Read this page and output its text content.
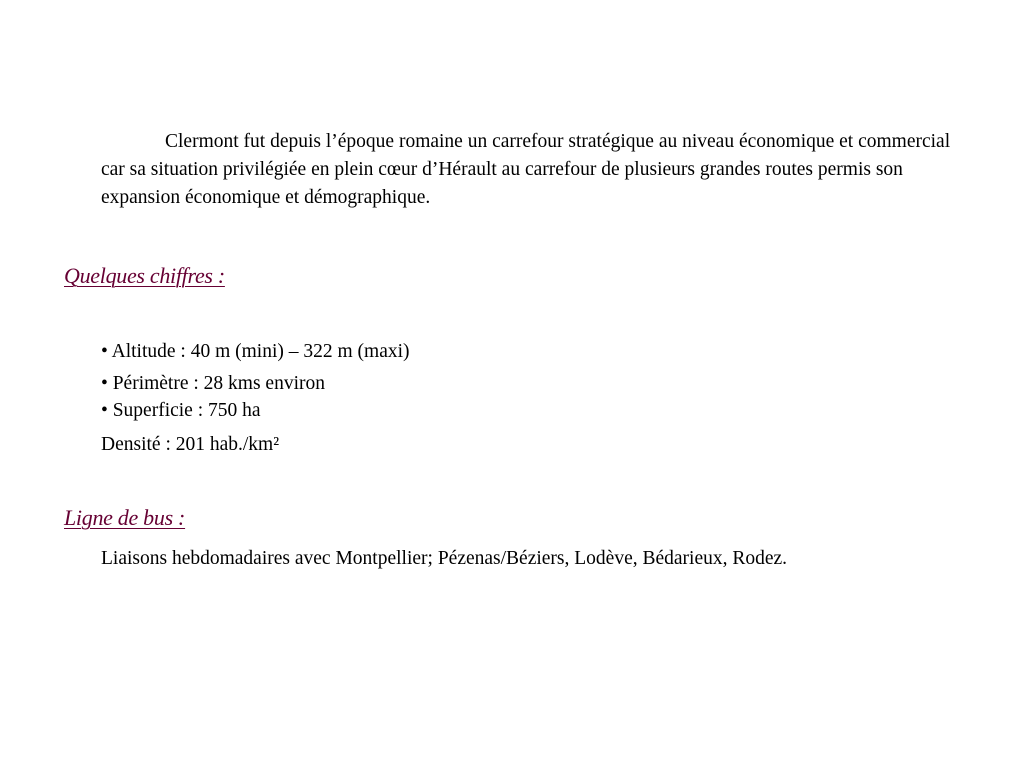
Clermont fut depuis l’époque romaine un carrefour stratégique au niveau économique et commercial car sa situation privilégiée en plein cœur d’Hérault au carrefour de plusieurs grandes routes permis son expansion économique et démographique.

Quelques chiffres :

• Altitude : 40 m (mini) – 322 m (maxi)

• Périmètre : 28 kms environ

• Superficie : 750 ha

Densité : 201 hab./km²

Ligne de bus :

Liaisons hebdomadaires avec Montpellier; Pézenas/Béziers, Lodève, Bédarieux, Rodez.
